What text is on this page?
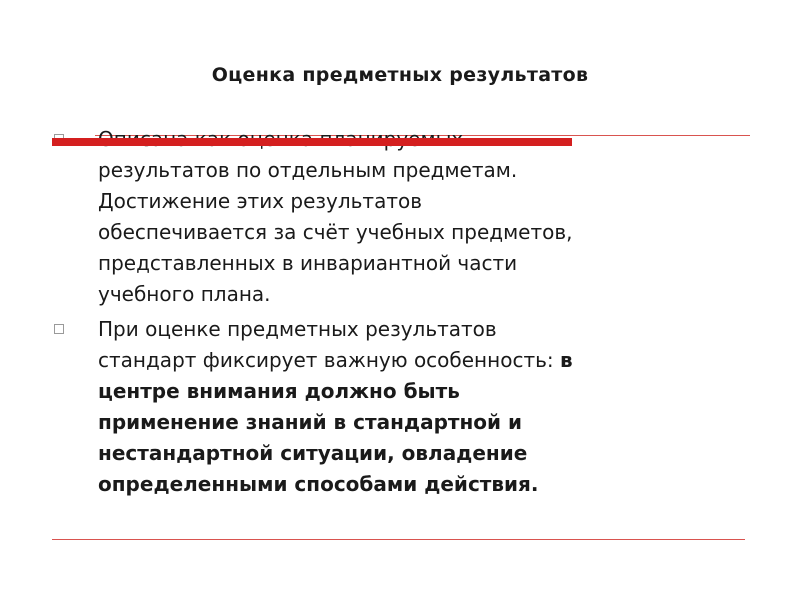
Оценка предметных результатов

результатов по отдельным предметам.
Достижение этих результатов
обеспечивается за счёт учебных предметов,
представленных в инвариантной части
учебного плана.
При оценке предметных результатов
стандарт фиксирует важную особенность: в
центре внимания должно быть
применение знаний в стандартной и
нестандартной ситуации, овладение
определенными способами действия.
